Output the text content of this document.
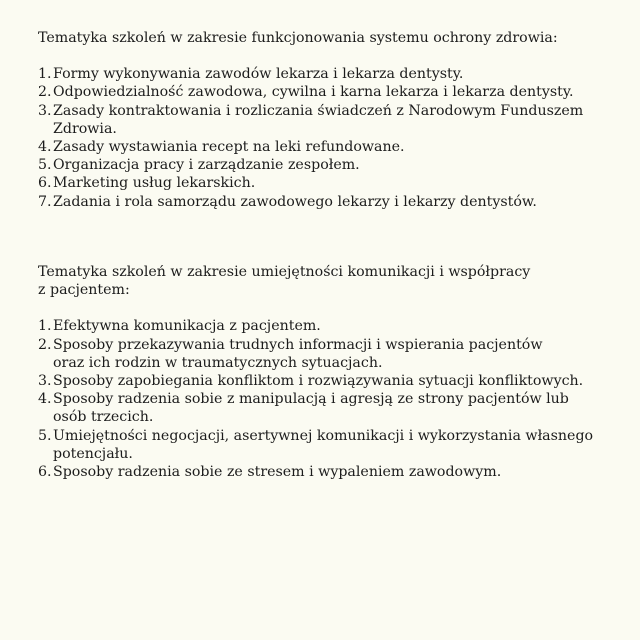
Tematyka szkoleń w zakresie funkcjonowania systemu ochrony zdrowia:

1. Formy wykonywania zawodów lekarza i lekarza dentysty.
2. Odpowiedzialność zawodowa, cywilna i karna lekarza i lekarza dentysty.
3. Zasady kontraktowania i rozliczania świadczeń z Narodowym Funduszem
Zdrowia.
4. Zasady wystawiania recept na leki refundowane.
5. Organizacja pracy i zarządzanie zespołem.
6. Marketing usług lekarskich.
7. Zadania i rola samorządu zawodowego lekarzy i lekarzy dentystów.

Tematyka szkoleń w zakresie umiejętności komunikacji i współpracy
z pacjentem:

1. Efektywna komunikacja z pacjentem.
2. Sposoby przekazywania trudnych informacji i wspierania pacjentów
oraz ich rodzin w traumatycznych sytuacjach.
3. Sposoby zapobiegania konfliktom i rozwiązywania sytuacji konfliktowych.
4. Sposoby radzenia sobie z manipulacją i agresją ze strony pacjentów lub
osób trzecich.
5. Umiejętności negocjacji, asertywnej komunikacji i wykorzystania własnego
potencjału.
6. Sposoby radzenia sobie ze stresem i wypaleniem zawodowym.
